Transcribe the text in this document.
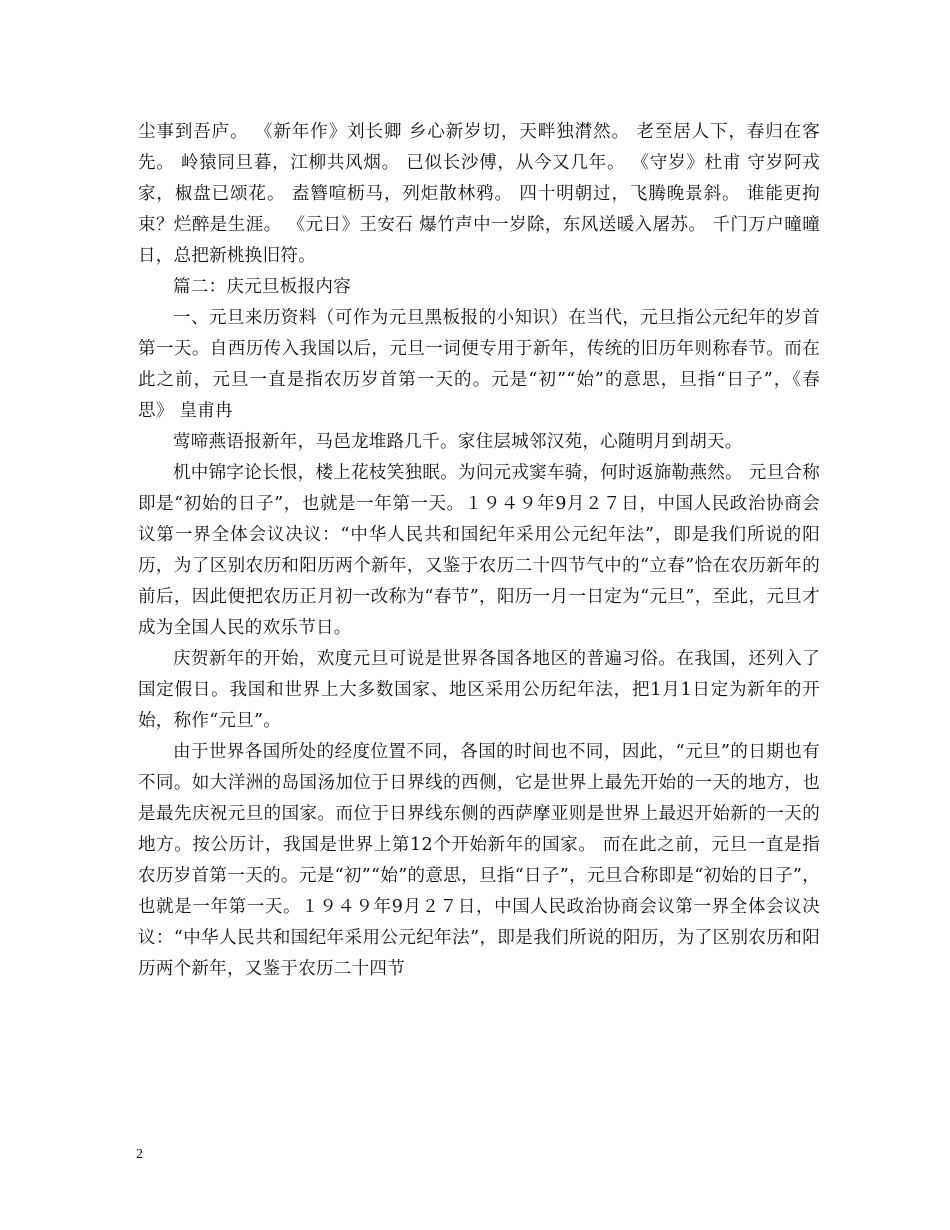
尘事到吾庐。 《新年作》刘长卿 乡心新岁切，天畔独潸然。 老至居人下，春归在客先。 岭猿同旦暮，江柳共风烟。 已似长沙傅，从今又几年。 《守岁》杜甫 守岁阿戎家，椒盘已颂花。 盍簪喧枥马，列炬散林鸦。 四十明朝过，飞腾晚景斜。 谁能更拘束？烂醉是生涯。 《元日》王安石 爆竹声中一岁除，东风送暖入屠苏。 千门万户曈曈日，总把新桃换旧符。

篇二：庆元旦板报内容

一、元旦来历资料（可作为元旦黑板报的小知识）在当代，元旦指公元纪年的岁首第一天。自西历传入我国以后，元旦一词便专用于新年，传统的旧历年则称春节。而在此之前，元旦一直是指农历岁首第一天的。元是“初”“始”的意思，旦指“日子”，《春思》 皇甫冉

莺啼燕语报新年，马邑龙堆路几千。家住层城邻汉苑，心随明月到胡天。

机中锦字论长恨，楼上花枝笑独眠。为问元戎窦车骑，何时返旆勒燕然。 元旦合称即是“初始的日子”，也就是一年第一天。１９４９年9月２７日，中国人民政治协商会议第一界全体会议决议：“中华人民共和国纪年采用公元纪年法”，即是我们所说的阳历，为了区别农历和阳历两个新年，又鉴于农历二十四节气中的“立春”恰在农历新年的前后，因此便把农历正月初一改称为“春节”，阳历一月一日定为“元旦”，至此，元旦才成为全国人民的欢乐节日。

庆贺新年的开始，欢度元旦可说是世界各国各地区的普遍习俗。在我国，还列入了国定假日。我国和世界上大多数国家、地区采用公历纪年法，把1月1日定为新年的开始，称作“元旦”。

由于世界各国所处的经度位置不同，各国的时间也不同，因此，“元旦”的日期也有不同。如大洋洲的岛国汤加位于日界线的西侧，它是世界上最先开始的一天的地方，也是最先庆祝元旦的国家。而位于日界线东侧的西萨摩亚则是世界上最迟开始新的一天的地方。按公历计，我国是世界上第12个开始新年的国家。 而在此之前，元旦一直是指农历岁首第一天的。元是“初”“始”的意思，旦指“日子”，元旦合称即是“初始的日子”，也就是一年第一天。１９４９年9月２７日，中国人民政治协商会议第一界全体会议决议：“中华人民共和国纪年采用公元纪年法”，即是我们所说的阳历，为了区别农历和阳历两个新年，又鉴于农历二十四节

2
